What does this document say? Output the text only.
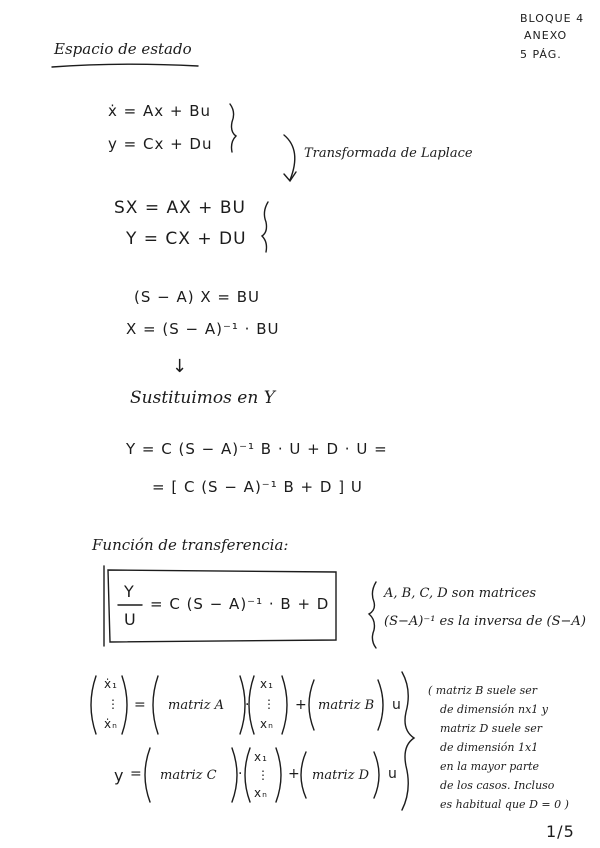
BLOQUE 4
ANEXO
5 PÁG.
Espacio de estado
ẋ = Ax + Bu
y = Cx + Du
Transformada de Laplace
SX = AX + BU
Y = CX + DU
(S − A) X = BU
X = (S − A)⁻¹ · BU
↓
Sustituimos en Y
Y = C (S − A)⁻¹ B · U + D · U =
= [ C (S − A)⁻¹ B + D ] U
Función de transferencia:
Y
U
= C (S − A)⁻¹ · B + D
A, B, C, D son matrices
(S−A)⁻¹ es la inversa de (S−A)
ẋ₁
⋮
ẋₙ
= matriz A ·
x₁
⋮
xₙ
+ matriz B u
y = matriz C ·
x₁
⋮
xₙ
+ matriz D u
( matriz B suele ser
de dimensión nx1 y
matriz D suele ser
de dimensión 1x1
en la mayor parte
de los casos. Incluso
es habitual que D = 0 )
1/5
